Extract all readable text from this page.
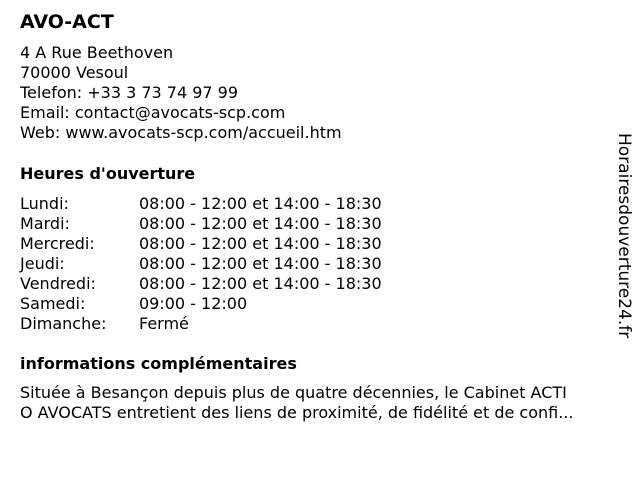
AVO-ACT
4 A Rue Beethoven
70000 Vesoul
Telefon: +33 3 73 74 97 99
Email: contact@avocats-scp.com
Web: www.avocats-scp.com/accueil.htm
Heures d'ouverture
Lundi:	08:00 - 12:00 et 14:00 - 18:30
Mardi:	08:00 - 12:00 et 14:00 - 18:30
Mercredi:	08:00 - 12:00 et 14:00 - 18:30
Jeudi:	08:00 - 12:00 et 14:00 - 18:30
Vendredi:	08:00 - 12:00 et 14:00 - 18:30
Samedi:	09:00 - 12:00
Dimanche:	Fermé
informations complémentaires
Située à Besançon depuis plus de quatre décennies, le Cabinet ACTI
O AVOCATS entretient des liens de proximité, de fidélité et de confi...
Horairesdouverture24.fr
